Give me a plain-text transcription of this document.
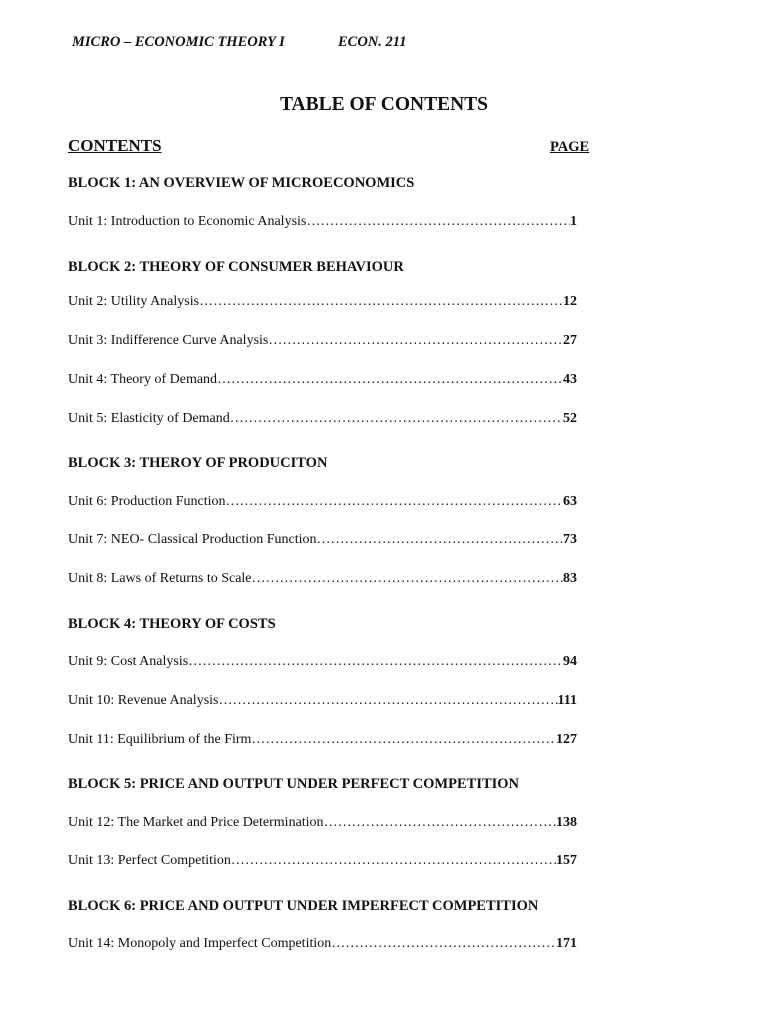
MICRO – ECONOMIC THEORY I	ECON. 211
TABLE OF CONTENTS
CONTENTS	PAGE
BLOCK 1: AN OVERVIEW OF MICROECONOMICS
Unit 1: Introduction to Economic Analysis ……………………………………………………………………………………………………………………………………	1
BLOCK 2: THEORY OF CONSUMER BEHAVIOUR
Unit 2: Utility Analysis ……………………………………………………………………………………………………………………………………	12
Unit 3: Indifference Curve Analysis ……………………………………………………………………………………………………………………………………	27
Unit 4: Theory of Demand ……………………………………………………………………………………………………………………………………	43
Unit 5: Elasticity of Demand ……………………………………………………………………………………………………………………………………	52
BLOCK 3: THEROY OF PRODUCITON
Unit 6: Production Function ……………………………………………………………………………………………………………………………………	63
Unit 7: NEO- Classical Production Function ……………………………………………………………………………………………………………………………………	73
Unit 8: Laws of Returns to Scale ……………………………………………………………………………………………………………………………………	83
BLOCK 4: THEORY OF COSTS
Unit 9: Cost Analysis ……………………………………………………………………………………………………………………………………	94
Unit 10: Revenue Analysis ……………………………………………………………………………………………………………………………………	111
Unit 11: Equilibrium of the Firm ……………………………………………………………………………………………………………………………………	127
BLOCK 5: PRICE AND OUTPUT UNDER PERFECT COMPETITION
Unit 12: The Market and Price Determination ……………………………………………………………………………………………………………………………………	138
Unit 13: Perfect Competition ……………………………………………………………………………………………………………………………………	157
BLOCK 6: PRICE AND OUTPUT UNDER IMPERFECT COMPETITION
Unit 14: Monopoly and Imperfect Competition ……………………………………………………………………………………………………………………………………	171
